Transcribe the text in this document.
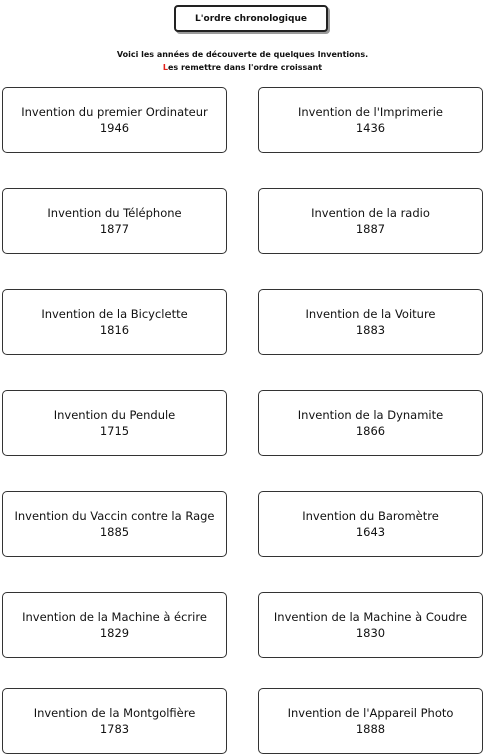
L'ordre chronologique
Voici les années de découverte de quelques Inventions.
Les remettre dans l'ordre croissant
Invention du premier Ordinateur
1946
Invention de l'Imprimerie
1436
Invention du Téléphone
1877
Invention de la radio
1887
Invention de la Bicyclette
1816
Invention de la Voiture
1883
Invention du Pendule
1715
Invention de la Dynamite
1866
Invention du Vaccin contre la Rage
1885
Invention du Baromètre
1643
Invention de la Machine à écrire
1829
Invention de la Machine à Coudre
1830
Invention de la Montgolfière
1783
Invention de l'Appareil Photo
1888
